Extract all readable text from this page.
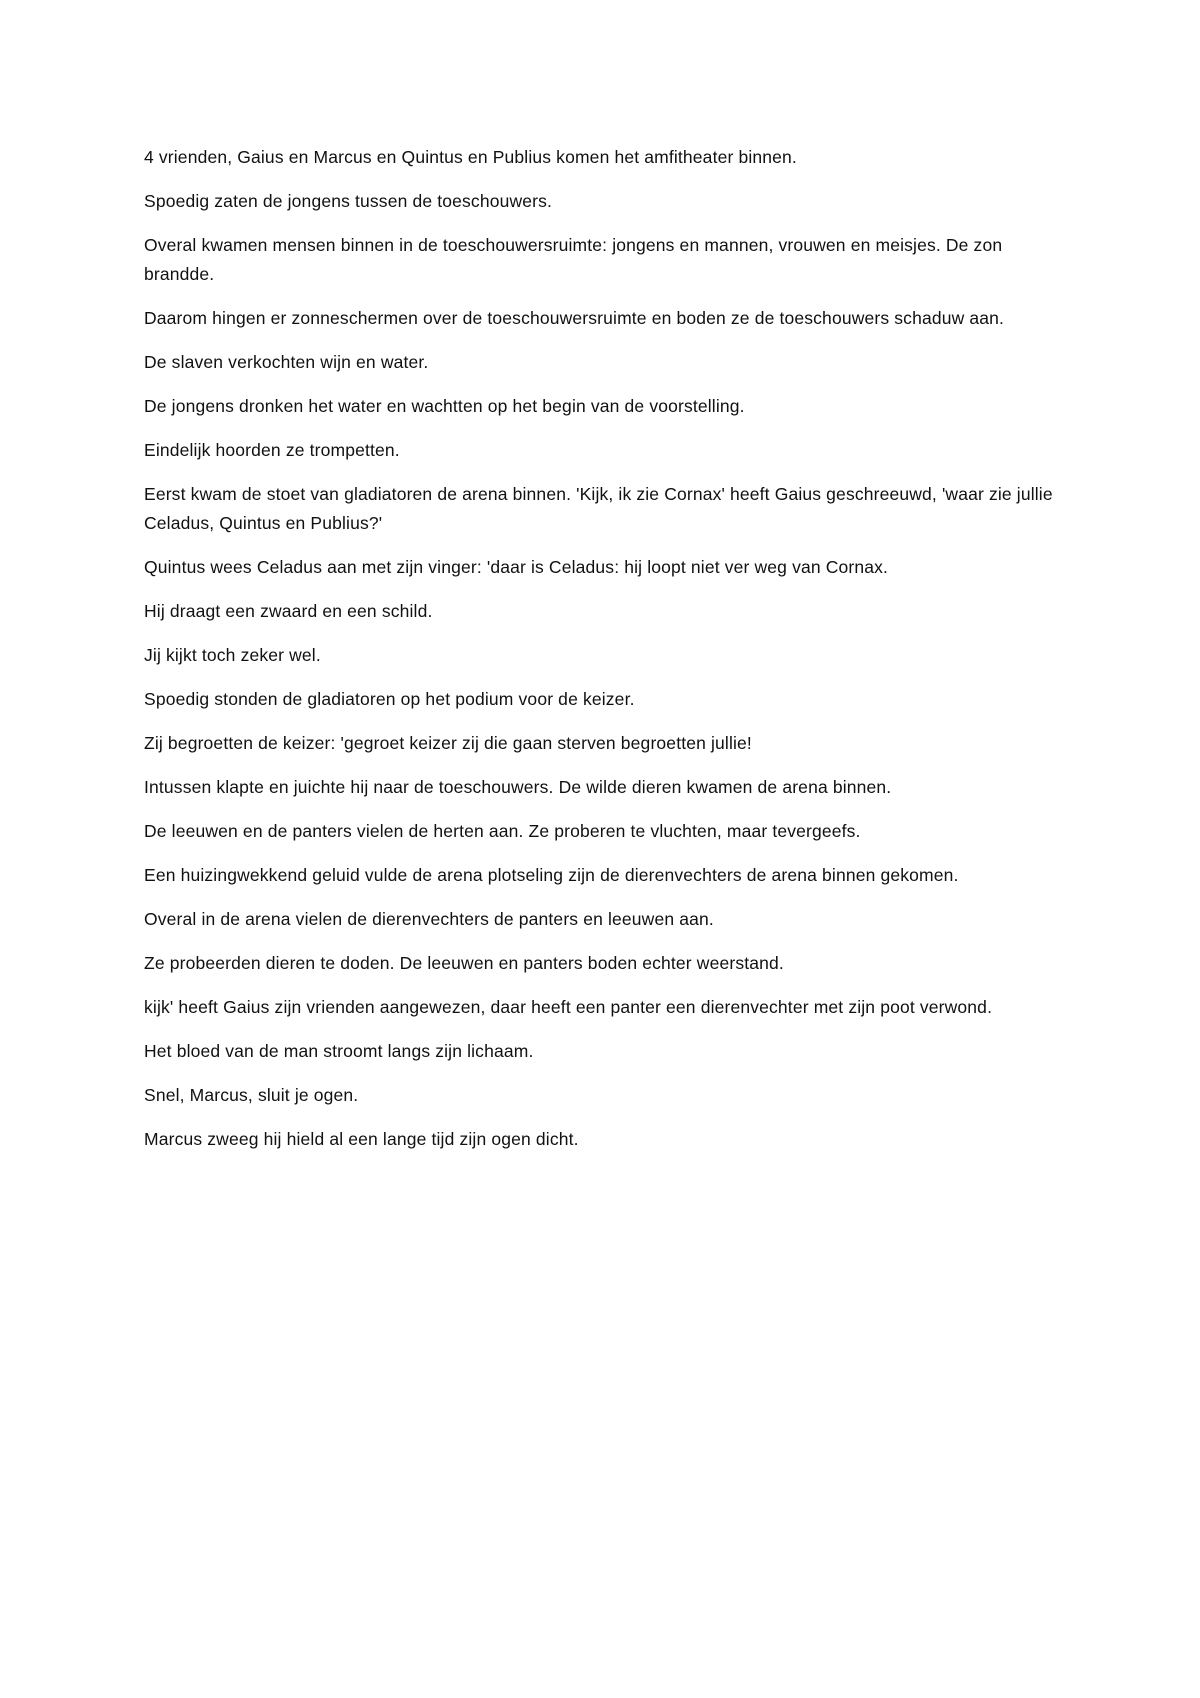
4 vrienden, Gaius en Marcus en Quintus en Publius komen het amfitheater binnen.

Spoedig zaten de jongens tussen de toeschouwers.

Overal kwamen mensen binnen in de toeschouwersruimte: jongens en mannen, vrouwen en meisjes. De zon brandde.

Daarom hingen er zonneschermen over de toeschouwersruimte en boden ze de toeschouwers schaduw aan.

De slaven verkochten wijn en water.

De jongens dronken het water en wachtten op het begin van de voorstelling.

Eindelijk hoorden ze trompetten.

Eerst kwam de stoet van gladiatoren de arena binnen. 'Kijk, ik zie Cornax' heeft Gaius geschreeuwd, 'waar zie jullie Celadus, Quintus en Publius?'

Quintus wees Celadus aan met zijn vinger: 'daar is Celadus: hij loopt niet ver weg van Cornax.

Hij draagt een zwaard en een schild.

Jij kijkt toch zeker wel.

Spoedig stonden de gladiatoren op het podium voor de keizer.

Zij begroetten de keizer: 'gegroet keizer zij die gaan sterven begroetten jullie!

Intussen klapte en juichte hij naar de toeschouwers. De wilde dieren kwamen de arena binnen.

De leeuwen en de panters vielen de herten aan. Ze proberen te vluchten, maar tevergeefs.

Een huizingwekkend geluid vulde de arena plotseling zijn de dierenvechters de arena binnen gekomen.

Overal in de arena vielen de dierenvechters de panters en leeuwen aan.

Ze probeerden dieren te doden. De leeuwen en panters boden echter weerstand.

kijk' heeft Gaius zijn vrienden aangewezen, daar heeft een panter een dierenvechter met zijn poot verwond.

Het bloed van de man stroomt langs zijn lichaam.

Snel, Marcus, sluit je ogen.

Marcus zweeg hij hield al een lange tijd zijn ogen dicht.
